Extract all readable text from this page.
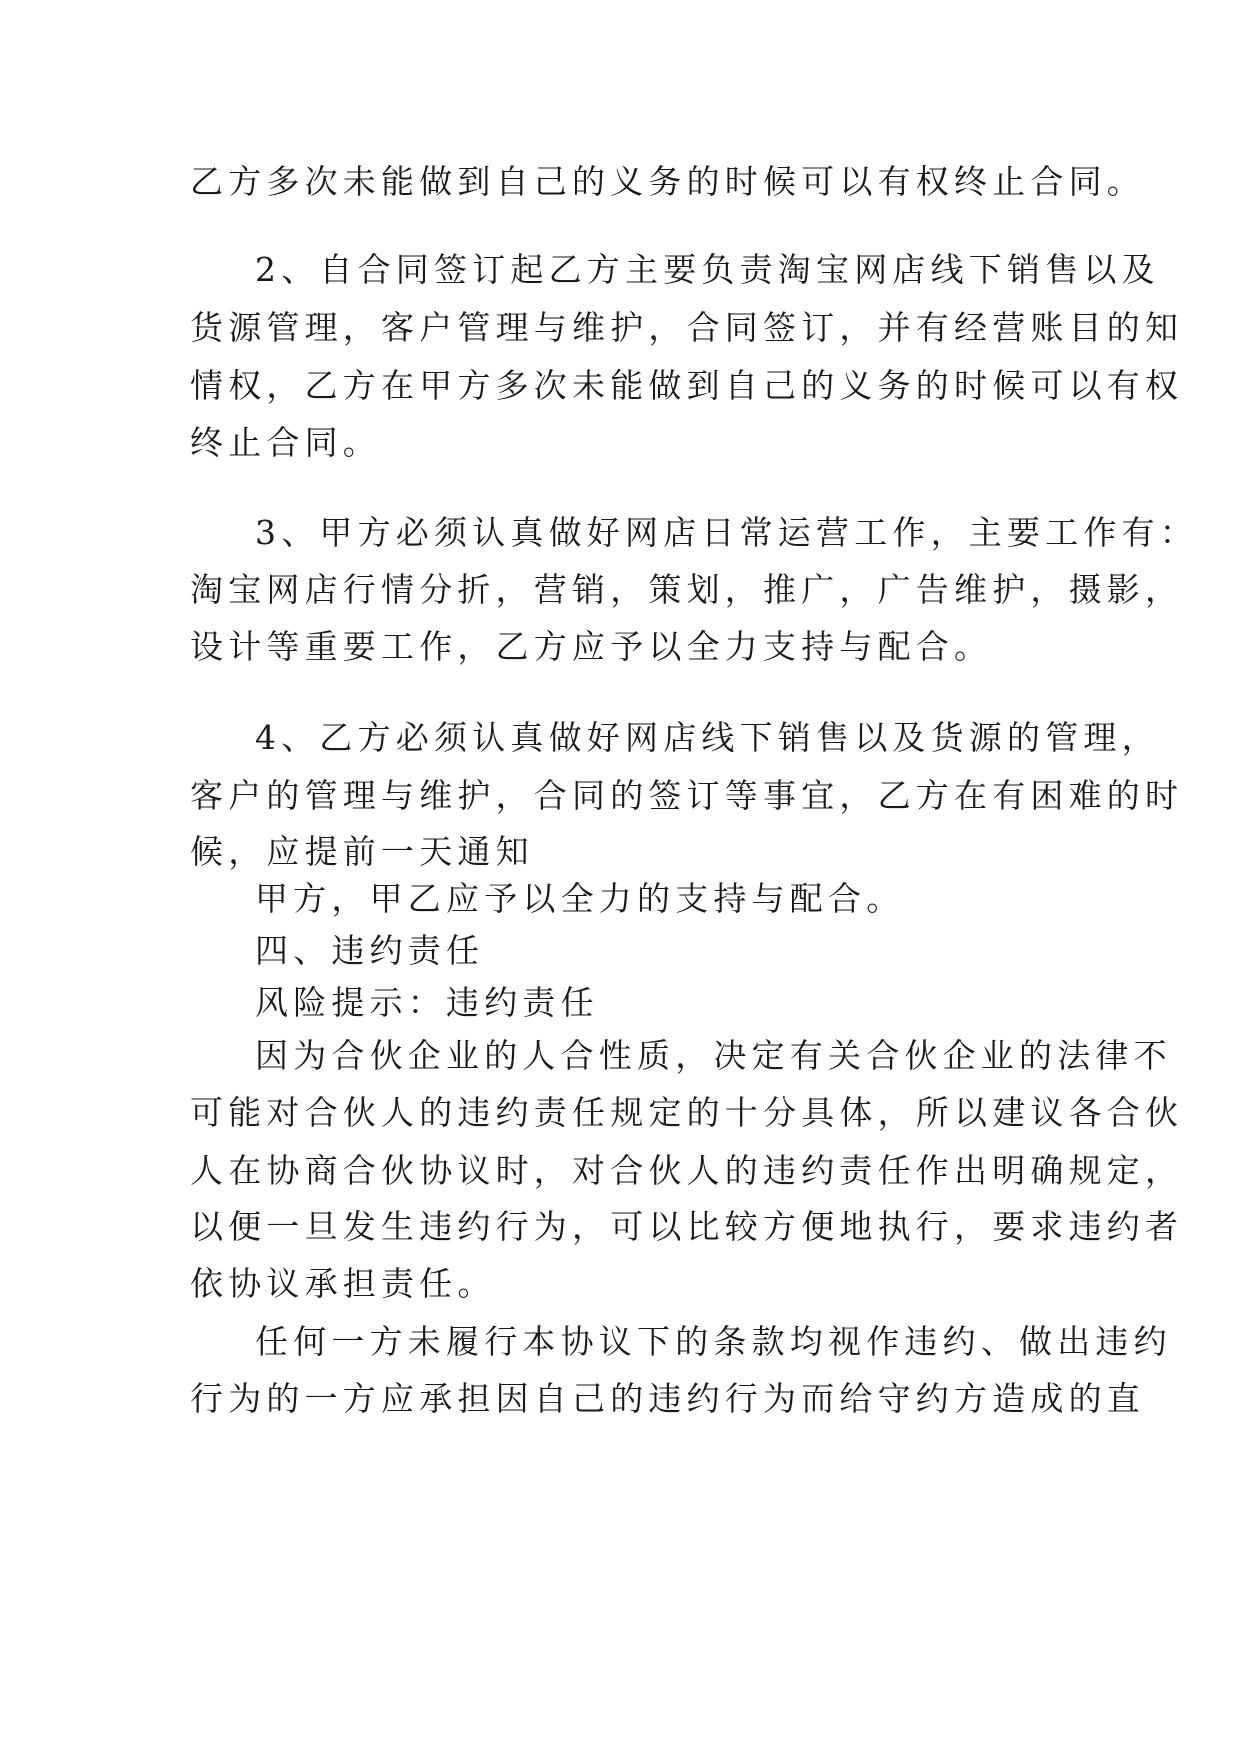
乙方多次未能做到自己的义务的时候可以有权终止合同。
2、自合同签订起乙方主要负责淘宝网店线下销售以及
货源管理，客户管理与维护，合同签订，并有经营账目的知
情权，乙方在甲方多次未能做到自己的义务的时候可以有权
终止合同。
3、甲方必须认真做好网店日常运营工作，主要工作有：
淘宝网店行情分折，营销，策划，推广，广告维护，摄影，
设计等重要工作，乙方应予以全力支持与配合。
4、乙方必须认真做好网店线下销售以及货源的管理，
客户的管理与维护，合同的签订等事宜，乙方在有困难的时
候，应提前一天通知
甲方，甲乙应予以全力的支持与配合。
四、违约责任
风险提示：违约责任
因为合伙企业的人合性质，决定有关合伙企业的法律不
可能对合伙人的违约责任规定的十分具体，所以建议各合伙
人在协商合伙协议时，对合伙人的违约责任作出明确规定，
以便一旦发生违约行为，可以比较方便地执行，要求违约者
依协议承担责任。
任何一方未履行本协议下的条款均视作违约、做出违约
行为的一方应承担因自己的违约行为而给守约方造成的直
